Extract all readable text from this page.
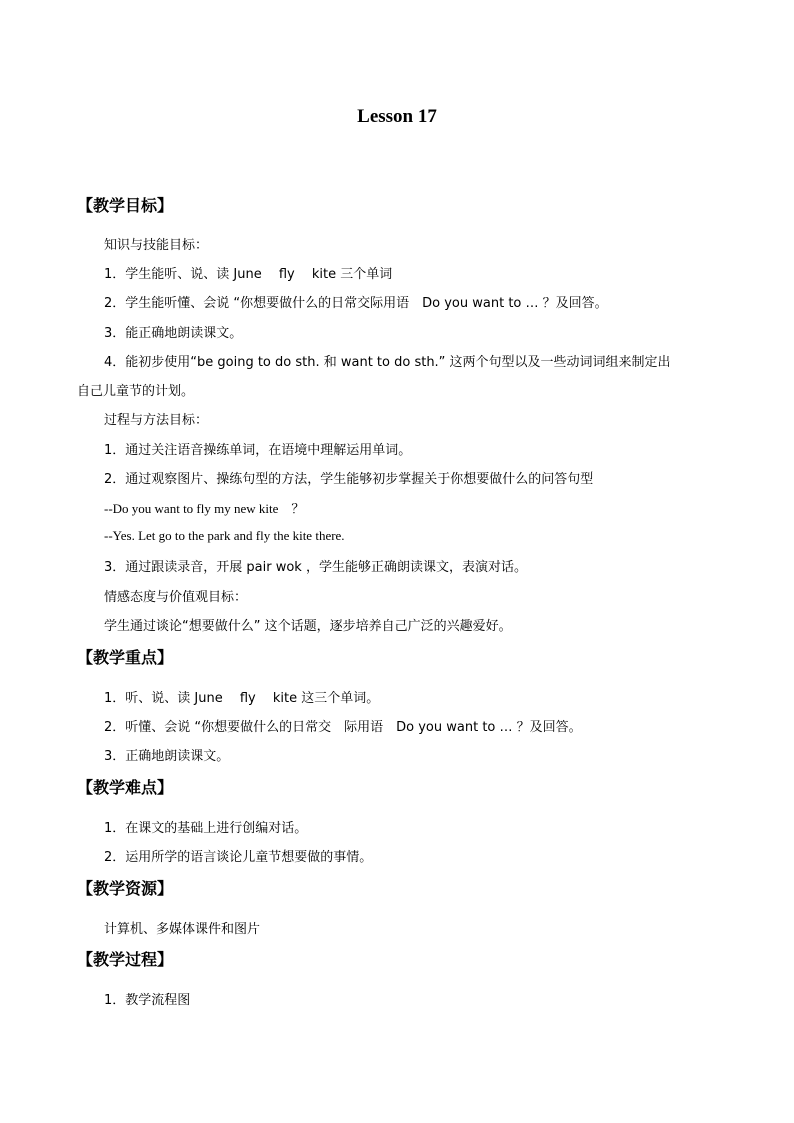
Lesson 17
【教学目标】
知识与技能目标：
1．学生能听、说、读 June　 fly　 kite 三个单词
2．学生能听懂、会说 “你想要做什么的日常交际用语　Do you want to … ？及回答。
3．能正确地朗读课文。
4．能初步使用“be going to do sth. 和 want to do sth.” 这两个句型以及一些动词词组来制定出
自己儿童节的计划。
过程与方法目标：
1．通过关注语音操练单词，在语境中理解运用单词。
2．通过观察图片、操练句型的方法，学生能够初步掌握关于你想要做什么的问答句型
--Do you want to fly my new kite　？
--Yes. Let go to the park and fly the kite there.
3．通过跟读录音，开展 pair wok ，学生能够正确朗读课文，表演对话。
情感态度与价值观目标：
学生通过谈论“想要做什么” 这个话题，逐步培养自己广泛的兴趣爱好。
【教学重点】
1．听、说、读 June　 fly　 kite 这三个单词。
2．听懂、会说 “你想要做什么的日常交　际用语　Do you want to … ？及回答。
3．正确地朗读课文。
【教学难点】
1．在课文的基础上进行创编对话。
2．运用所学的语言谈论儿童节想要做的事情。
【教学资源】
计算机、多媒体课件和图片
【教学过程】
1．教学流程图
